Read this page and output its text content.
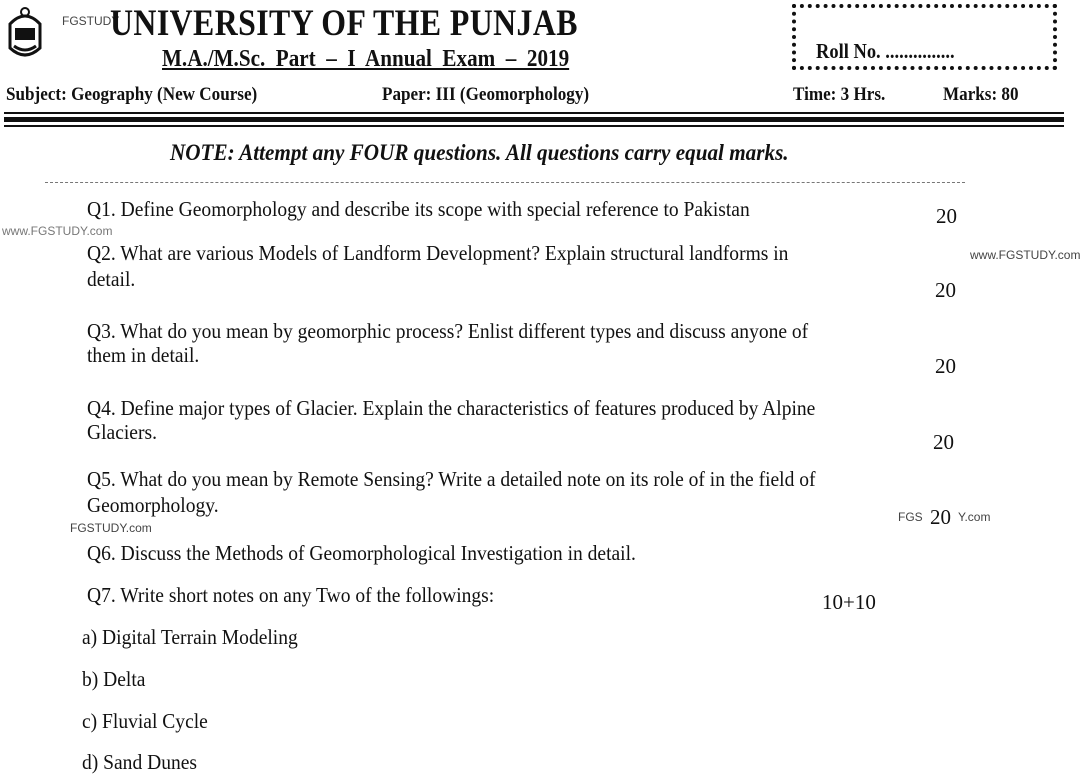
FGSTUDY
UNIVERSITY OF THE PUNJAB
M.A./M.Sc. Part – I Annual Exam – 2019	Roll No. ...............
Subject: Geography (New Course)	Paper: III (Geomorphology)	Time: 3 Hrs.	Marks: 80
NOTE: Attempt any FOUR questions. All questions carry equal marks.
Q1. Define Geomorphology and describe its scope with special reference to Pakistan	20
www.FGSTUDY.com
www.FGSTUDY.com
Q2. What are various Models of Landform Development? Explain structural landforms in
detail.	20
Q3. What do you mean by geomorphic process? Enlist different types and discuss anyone of
them in detail.	20
Q4. Define major types of Glacier. Explain the characteristics of features produced by Alpine
Glaciers.	20
Q5. What do you mean by Remote Sensing? Write a detailed note on its role of in the field of
Geomorphology.	FGS 20 Y.com
FGSTUDY.com
Q6. Discuss the Methods of Geomorphological Investigation in detail.
Q7. Write short notes on any Two of the followings:	10+10
a) Digital Terrain Modeling
b) Delta
c) Fluvial Cycle
d) Sand Dunes
